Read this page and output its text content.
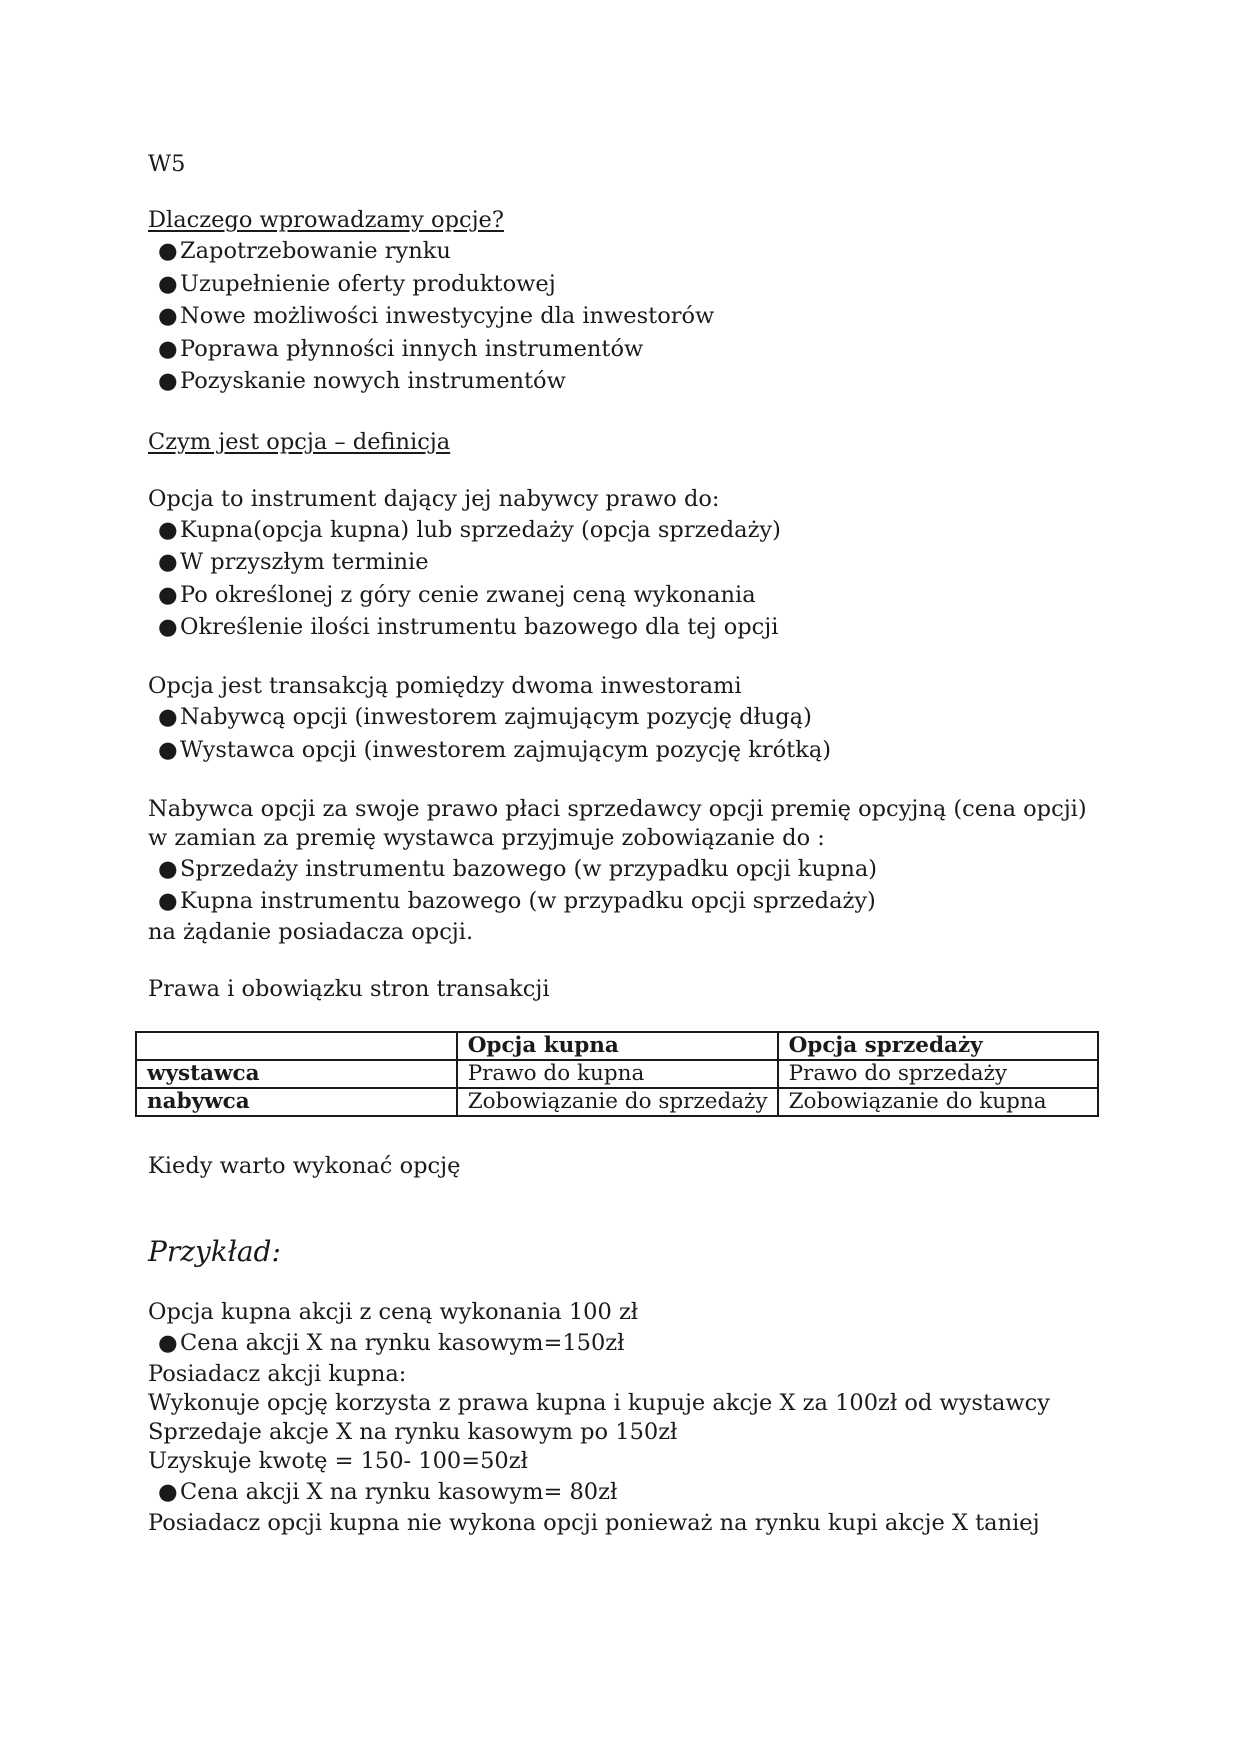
W5
Dlaczego wprowadzamy opcje?
● Zapotrzebowanie rynku
● Uzupełnienie oferty produktowej
● Nowe możliwości inwestycyjne dla inwestorów
● Poprawa płynności innych instrumentów
● Pozyskanie nowych instrumentów
Czym jest opcja – definicja
Opcja to instrument dający jej nabywcy prawo do:
● Kupna(opcja kupna) lub sprzedaży (opcja sprzedaży)
● W przyszłym terminie
● Po określonej z góry cenie zwanej ceną wykonania
● Określenie ilości instrumentu bazowego dla tej opcji
Opcja jest transakcją pomiędzy dwoma inwestorami
● Nabywcą opcji (inwestorem zajmującym pozycję długą)
● Wystawca opcji (inwestorem zajmującym pozycję krótką)
Nabywca opcji za swoje prawo płaci sprzedawcy opcji premię opcyjną (cena opcji)
w zamian za premię wystawca przyjmuje zobowiązanie do :
● Sprzedaży instrumentu bazowego (w przypadku opcji kupna)
● Kupna instrumentu bazowego (w przypadku opcji sprzedaży)
na żądanie posiadacza opcji.
Prawa i obowiązku stron transakcji
	Opcja kupna	Opcja sprzedaży
wystawca	Prawo do kupna	Prawo do sprzedaży
nabywca	Zobowiązanie do sprzedaży	Zobowiązanie do kupna
Kiedy warto wykonać opcję
Przykład:
Opcja kupna akcji z ceną wykonania 100 zł
● Cena akcji X na rynku kasowym=150zł
Posiadacz akcji kupna:
Wykonuje opcję korzysta z prawa kupna i kupuje akcje X za 100zł od wystawcy
Sprzedaje akcje X na rynku kasowym po 150zł
Uzyskuje kwotę = 150- 100=50zł
● Cena akcji X na rynku kasowym= 80zł
Posiadacz opcji kupna nie wykona opcji ponieważ na rynku kupi akcje X taniej
